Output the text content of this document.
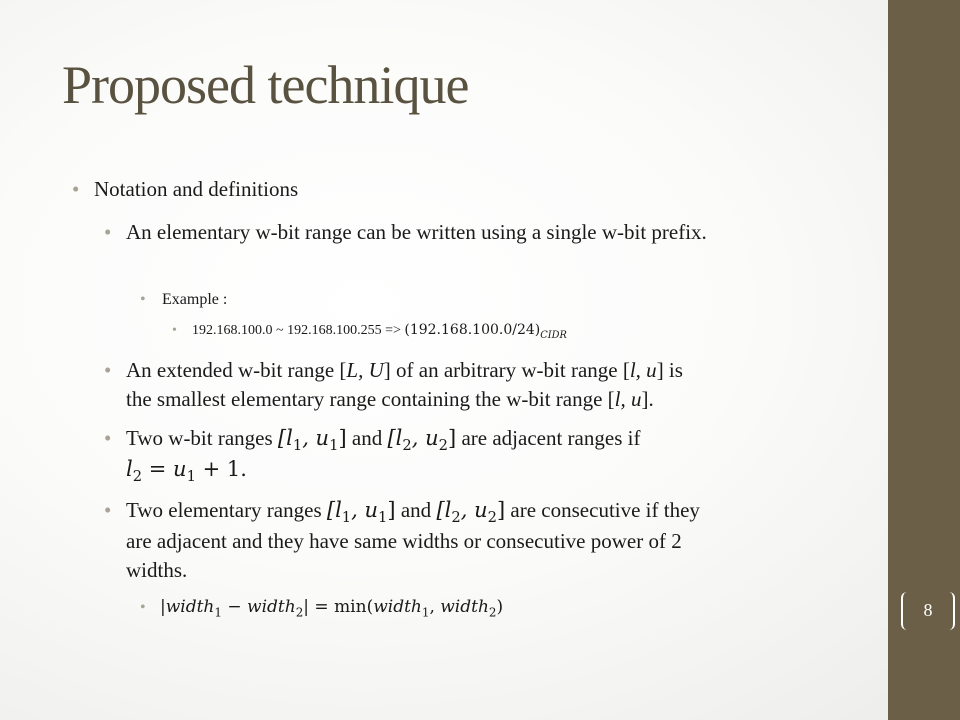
Proposed technique
• Notation and definitions
• An elementary w-bit range can be written using a single w-bit prefix.
• Example :
• 192.168.100.0 ~ $192.168.100.255 => (192.168.100.0/24)_{CIDR}$
• An extended w-bit range [L, U] of an arbitrary w-bit range [l, u] is
the smallest elementary range containing the w-bit range [l, u].
• Two w-bit ranges [$l_1$, $u_1$] and [$l_2$, $u_2$] are adjacent ranges if
$l_2 = u_1 + 1$.
• Two elementary ranges [$l_1$, $u_1$] and [$l_2$, $u_2$] are consecutive if they
are adjacent and they have same widths or consecutive power of 2
widths.
• |width$_1$ − width$_2$| = min(width$_1$, width$_2$)	8
